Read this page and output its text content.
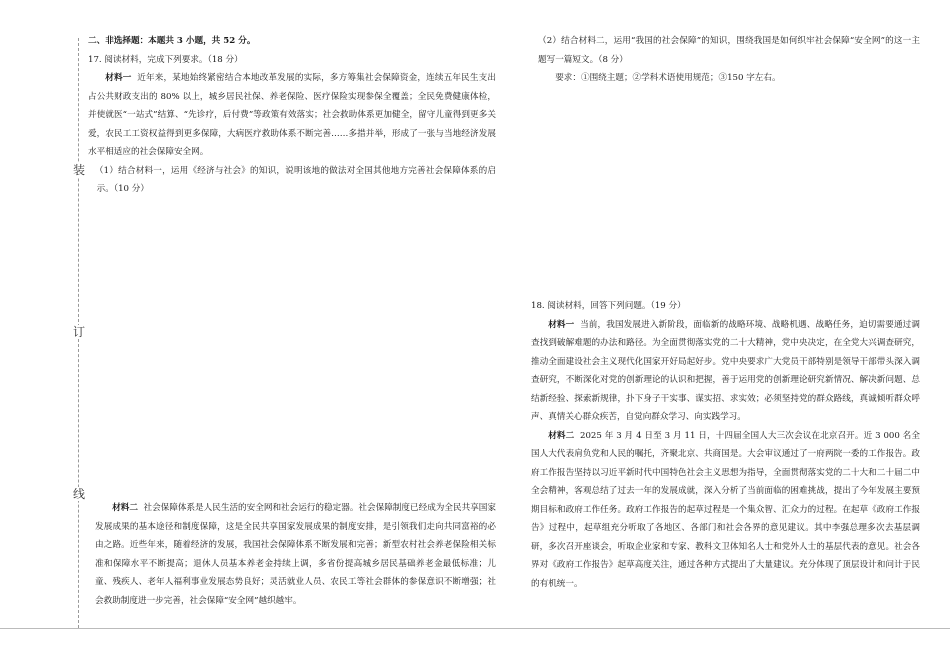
装
订
线

二、非选择题：本题共 3 小题，共 52 分。

17. 阅读材料，完成下列要求。（18 分）

材料一 近年来，某地始终紧密结合本地改革发展的实际，多方筹集社会保障资金，连续五年民生支出占公共财政支出的 80% 以上，城乡居民社保、养老保险、医疗保险实现参保全覆盖；全民免费健康体检，并使就医“一站式”结算、“先诊疗，后付费”等政策有效落实；社会救助体系更加健全，留守儿童得到更多关爱，农民工工资权益得到更多保障，大病医疗救助体系不断完善……多措并举，形成了一张与当地经济发展水平相适应的社会保障安全网。

（1）结合材料一，运用《经济与社会》的知识，说明该地的做法对全国其他地方完善社会保障体系的启示。（10 分）

材料二 社会保障体系是人民生活的安全网和社会运行的稳定器。社会保障制度已经成为全民共享国家发展成果的基本途径和制度保障，这是全民共享国家发展成果的制度安排，是引领我们走向共同富裕的必由之路。近些年来，随着经济的发展，我国社会保障体系不断发展和完善；新型农村社会养老保险相关标准和保障水平不断提高；退休人员基本养老金持续上调，多省份提高城乡居民基础养老金最低标准；儿童、残疾人、老年人福利事业发展态势良好；灵活就业人员、农民工等社会群体的参保意识不断增强；社会救助制度进一步完善，社会保障“安全网”越织越牢。

（2）结合材料二，运用“我国的社会保障”的知识，围绕我国是如何织牢社会保障“安全网”的这一主题写一篇短文。（8 分）

要求：①围绕主题；②学科术语使用规范；③150 字左右。

18. 阅读材料，回答下列问题。（19 分）

材料一 当前，我国发展进入新阶段，面临新的战略环境、战略机遇、战略任务，迫切需要通过调查找到破解难题的办法和路径。为全面贯彻落实党的二十大精神，党中央决定，在全党大兴调查研究，推动全面建设社会主义现代化国家开好局起好步。党中央要求广大党员干部特别是领导干部带头深入调查研究，不断深化对党的创新理论的认识和把握，善于运用党的创新理论研究新情况、解决新问题、总结新经验、探索新规律，扑下身子干实事、谋实招、求实效；必须坚持党的群众路线，真诚倾听群众呼声、真情关心群众疾苦，自觉向群众学习、向实践学习。

材料二 2025 年 3 月 4 日至 3 月 11 日，十四届全国人大三次会议在北京召开。近 3 000 名全国人大代表肩负党和人民的嘱托，齐聚北京、共商国是。大会审议通过了一府两院一委的工作报告。政府工作报告坚持以习近平新时代中国特色社会主义思想为指导，全面贯彻落实党的二十大和二十届二中全会精神，客观总结了过去一年的发展成就，深入分析了当前面临的困难挑战，提出了今年发展主要预期目标和政府工作任务。政府工作报告的起草过程是一个集众智、汇众力的过程。在起草《政府工作报告》过程中，起草组充分听取了各地区、各部门和社会各界的意见建议。其中李强总理多次去基层调研，多次召开座谈会，听取企业家和专家、教科文卫体知名人士和党外人士的基层代表的意见。社会各界对《政府工作报告》起草高度关注，通过各种方式提出了大量建议。充分体现了顶层设计和问计于民的有机统一。
